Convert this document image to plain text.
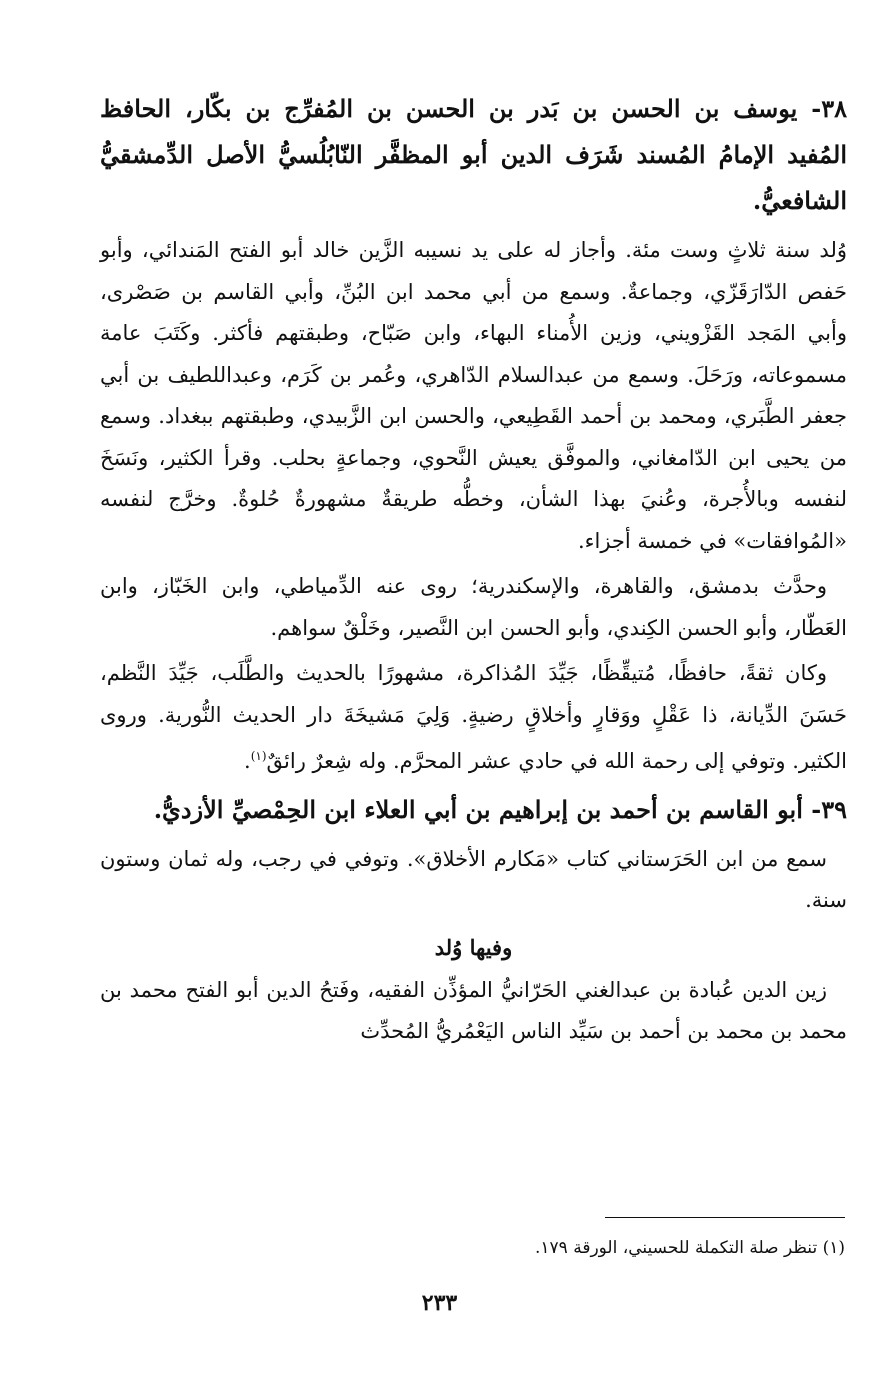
٣٨- يوسف بن الحسن بن بَدر بن الحسن بن المُفرِّج بن بكّار، الحافظ المُفيد الإمامُ المُسند شَرَف الدين أبو المظفَّر النّابُلُسيُّ الأصل الدِّمشقيُّ الشافعيُّ.
وُلد سنة ثلاثٍ وست مئة. وأجاز له على يد نسيبه الزَّين خالد أبو الفتح المَندائي، وأبو حَفص الدّارَقَزّي، وجماعةٌ. وسمع من أبي محمد ابن البُنِّ، وأبي القاسم بن صَصْرى، وأبي المَجد القَزْويني، وزين الأُمناء البهاء، وابن صَبّاح، وطبقتهم فأكثر. وكَتَبَ عامة مسموعاته، ورَحَلَ. وسمع من عبدالسلام الدّاهري، وعُمر بن كَرَم، وعبداللطيف بن أبي جعفر الطَّبَري، ومحمد بن أحمد القَطِيعي، والحسن ابن الزَّبيدي، وطبقتهم ببغداد. وسمع من يحيى ابن الدّامغاني، والموفَّق يعيش النَّحوي، وجماعةٍ بحلب. وقرأ الكثير، ونَسَخَ لنفسه وبالأُجرة، وعُنيَ بهذا الشأن، وخطُّه طريقةٌ مشهورةٌ حُلوةٌ. وخرَّج لنفسه «المُوافقات» في خمسة أجزاء.
وحدَّث بدمشق، والقاهرة، والإسكندرية؛ روى عنه الدِّمياطي، وابن الخَبّاز، وابن العَطّار، وأبو الحسن الكِندي، وأبو الحسن ابن النَّصير، وخَلْقٌ سواهم.
وكان ثقةً، حافظًا، مُتيقِّظًا، جَيِّدَ المُذاكرة، مشهورًا بالحديث والطَّلَب، جَيِّدَ النَّظم، حَسَنَ الدِّيانة، ذا عَقْلٍ ووَقارٍ وأخلاقٍ رضيةٍ. وَلِيَ مَشيخَةَ دار الحديث النُّورية. وروى الكثير. وتوفي إلى رحمة الله في حادي عشر المحرَّم. وله شِعرٌ رائقٌ$^{(١)}$.
٣٩- أبو القاسم بن أحمد بن إبراهيم بن أبي العلاء ابن الحِمْصيِّ الأزديُّ.
سمع من ابن الحَرَستاني كتاب «مَكارم الأخلاق». وتوفي في رجب، وله ثمان وستون سنة.
وفيها وُلد
زين الدين عُبادة بن عبدالغني الحَرّانيُّ المؤذِّن الفقيه، وفَتحُ الدين أبو الفتح محمد بن محمد بن محمد بن أحمد بن سَيِّد الناس اليَعْمُريُّ المُحدِّث
(١) تنظر صلة التكملة للحسيني، الورقة ١٧٩.
٢٣٣
